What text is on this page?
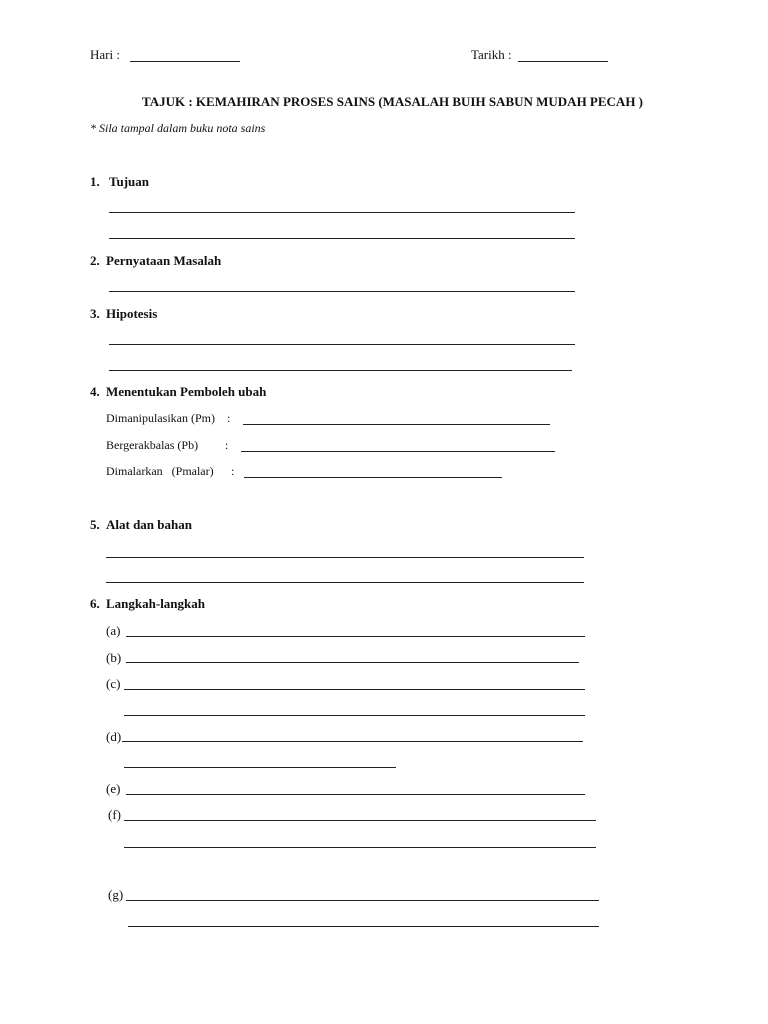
Hari :	Tarikh :
TAJUK : KEMAHIRAN PROSES SAINS (MASALAH BUIH SABUN MUDAH PECAH )
* Sila tampal dalam buku nota sains
1. Tujuan
2. Pernyataan Masalah
3. Hipotesis
4. Menentukan Pemboleh ubah
Dimanipulasikan (Pm) :
Bergerakbalas (Pb) :
Dimalarkan   (Pmalar) :
5. Alat dan bahan
6. Langkah-langkah
(a)
(b)
(c)
(d)
(e)
(f)
(g)
